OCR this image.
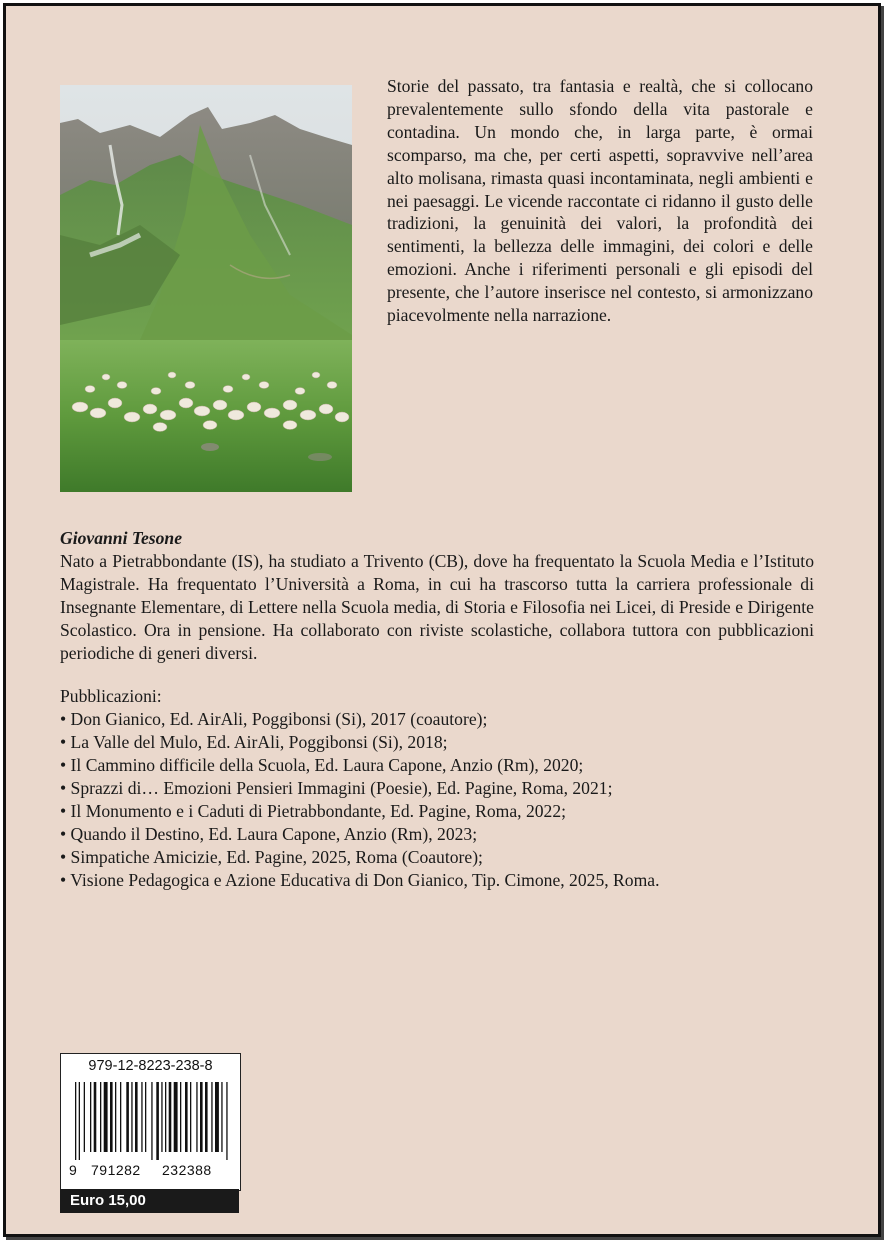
Storie del passato, tra fantasia e realtà, che si collocano prevalentemente sullo sfondo della vita pastorale e contadina. Un mondo che, in larga parte, è ormai scomparso, ma che, per certi aspetti, sopravvive nell’area alto molisana, rimasta quasi incontaminata, negli ambienti e nei paesaggi. Le vicende raccontate ci ridanno il gusto delle tradizioni, la genuinità dei valori, la profondità dei sentimenti, la bellezza delle immagini, dei colori e delle emozioni. Anche i riferimenti personali e gli episodi del presente, che l’autore inserisce nel contesto, si armonizzano piacevolmente nella narrazione.

Giovanni Tesone

Nato a Pietrabbondante (IS), ha studiato a Trivento (CB), dove ha frequentato la Scuola Media e l’Istituto Magistrale. Ha frequentato l’Università a Roma, in cui ha trascorso tutta la carriera professionale di Insegnante Elementare, di Lettere nella Scuola media, di Storia e Filosofia nei Licei, di Preside e Dirigente Scolastico. Ora in pensione. Ha collaborato con riviste scolastiche, collabora tuttora con pubblicazioni periodiche di generi diversi.

Pubblicazioni:
• Don Gianico, Ed. AirAli, Poggibonsi (Si), 2017 (coautore);
• La Valle del Mulo, Ed. AirAli, Poggibonsi (Si), 2018;
• Il Cammino difficile della Scuola, Ed. Laura Capone, Anzio (Rm), 2020;
• Sprazzi di… Emozioni Pensieri Immagini (Poesie), Ed. Pagine, Roma, 2021;
• Il Monumento e i Caduti di Pietrabbondante, Ed. Pagine, Roma, 2022;
• Quando il Destino, Ed. Laura Capone, Anzio (Rm), 2023;
• Simpatiche Amicizie, Ed. Pagine, 2025, Roma (Coautore);
• Visione Pedagogica e Azione Educativa di Don Gianico, Tip. Cimone, 2025, Roma.
979-12-8223-238-8
9 791282 232388
Euro 15,00
